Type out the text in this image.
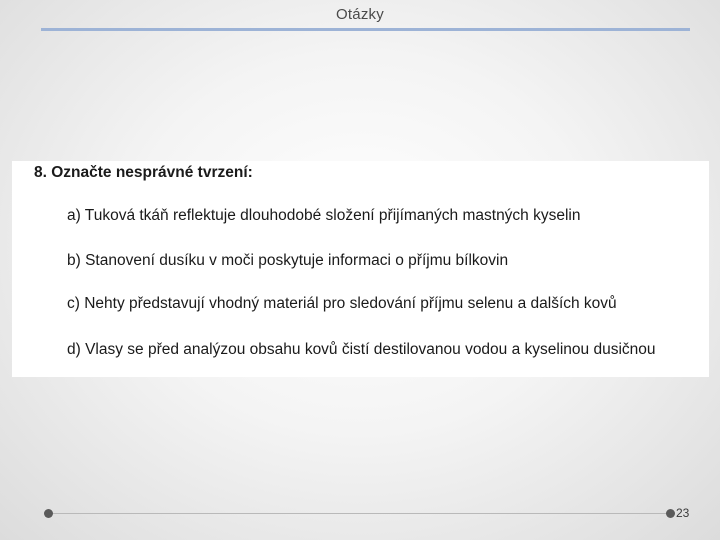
Otázky
8. Označte nesprávné tvrzení:
a) Tuková tkáň reflektuje dlouhodobé složení přijímaných mastných kyselin
b) Stanovení dusíku v moči poskytuje informaci o příjmu bílkovin
c) Nehty představují vhodný materiál pro sledování příjmu selenu a dalších kovů
d) Vlasy se před analýzou obsahu kovů čistí destilovanou vodou a kyselinou dusičnou
23
